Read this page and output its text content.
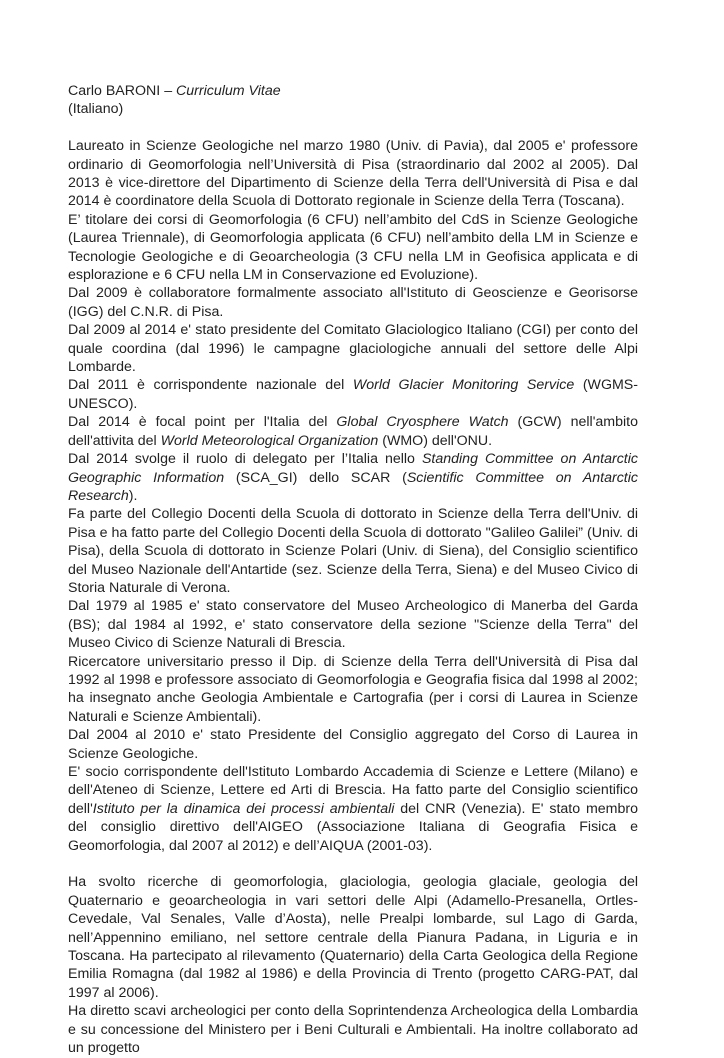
Carlo BARONI – Curriculum Vitae

(Italiano)

Laureato in Scienze Geologiche nel marzo 1980 (Univ. di Pavia), dal 2005 e' professore ordinario di Geomorfologia nell’Università di Pisa (straordinario dal 2002 al 2005). Dal 2013 è vice-direttore del Dipartimento di Scienze della Terra dell'Università di Pisa e dal 2014 è coordinatore della Scuola di Dottorato regionale in Scienze della Terra (Toscana).

E’ titolare dei corsi di Geomorfologia (6 CFU) nell’ambito del CdS in Scienze Geologiche (Laurea Triennale), di Geomorfologia applicata (6 CFU) nell’ambito della LM in Scienze e Tecnologie Geologiche e di Geoarcheologia (3 CFU nella LM in Geofisica applicata e di esplorazione e 6 CFU nella LM in Conservazione ed Evoluzione).

Dal 2009 è collaboratore formalmente associato all'Istituto di Geoscienze e Georisorse (IGG) del C.N.R. di Pisa.

Dal 2009 al 2014 e' stato presidente del Comitato Glaciologico Italiano (CGI) per conto del quale coordina (dal 1996) le campagne glaciologiche annuali del settore delle Alpi Lombarde.

Dal 2011 è corrispondente nazionale del World Glacier Monitoring Service (WGMS-UNESCO).

Dal 2014 è focal point per l'Italia del Global Cryosphere Watch (GCW) nell'ambito dell'attivita del World Meteorological Organization (WMO) dell'ONU.

Dal 2014 svolge il ruolo di delegato per l’Italia nello Standing Committee on Antarctic Geographic Information (SCA_GI) dello SCAR (Scientific Committee on Antarctic Research).

Fa parte del Collegio Docenti della Scuola di dottorato in Scienze della Terra dell'Univ. di Pisa e ha fatto parte del Collegio Docenti della Scuola di dottorato "Galileo Galilei” (Univ. di Pisa), della Scuola di dottorato in Scienze Polari (Univ. di Siena), del Consiglio scientifico del Museo Nazionale dell'Antartide (sez. Scienze della Terra, Siena) e del Museo Civico di Storia Naturale di Verona.

Dal 1979 al 1985 e' stato conservatore del Museo Archeologico di Manerba del Garda (BS); dal 1984 al 1992, e' stato conservatore della sezione "Scienze della Terra" del Museo Civico di Scienze Naturali di Brescia.

Ricercatore universitario presso il Dip. di Scienze della Terra dell'Università di Pisa dal 1992 al 1998 e professore associato di Geomorfologia e Geografia fisica dal 1998 al 2002; ha insegnato anche Geologia Ambientale e Cartografia (per i corsi di Laurea in Scienze Naturali e Scienze Ambientali).

Dal 2004 al 2010 e' stato Presidente del Consiglio aggregato del Corso di Laurea in Scienze Geologiche.

E' socio corrispondente dell'Istituto Lombardo Accademia di Scienze e Lettere (Milano) e dell'Ateneo di Scienze, Lettere ed Arti di Brescia. Ha fatto parte del Consiglio scientifico dell'Istituto per la dinamica dei processi ambientali del CNR (Venezia). E' stato membro del consiglio direttivo dell'AIGEO (Associazione Italiana di Geografia Fisica e Geomorfologia, dal 2007 al 2012) e dell’AIQUA (2001-03).

Ha svolto ricerche di geomorfologia, glaciologia, geologia glaciale, geologia del Quaternario e geoarcheologia in vari settori delle Alpi (Adamello-Presanella, Ortles-Cevedale, Val Senales, Valle d’Aosta), nelle Prealpi lombarde, sul Lago di Garda, nell’Appennino emiliano, nel settore centrale della Pianura Padana, in Liguria e in Toscana. Ha partecipato al rilevamento (Quaternario) della Carta Geologica della Regione Emilia Romagna (dal 1982 al 1986) e della Provincia di Trento (progetto CARG-PAT, dal 1997 al 2006).

Ha diretto scavi archeologici per conto della Soprintendenza Archeologica della Lombardia e su concessione del Ministero per i Beni Culturali e Ambientali. Ha inoltre collaborato ad un progetto
